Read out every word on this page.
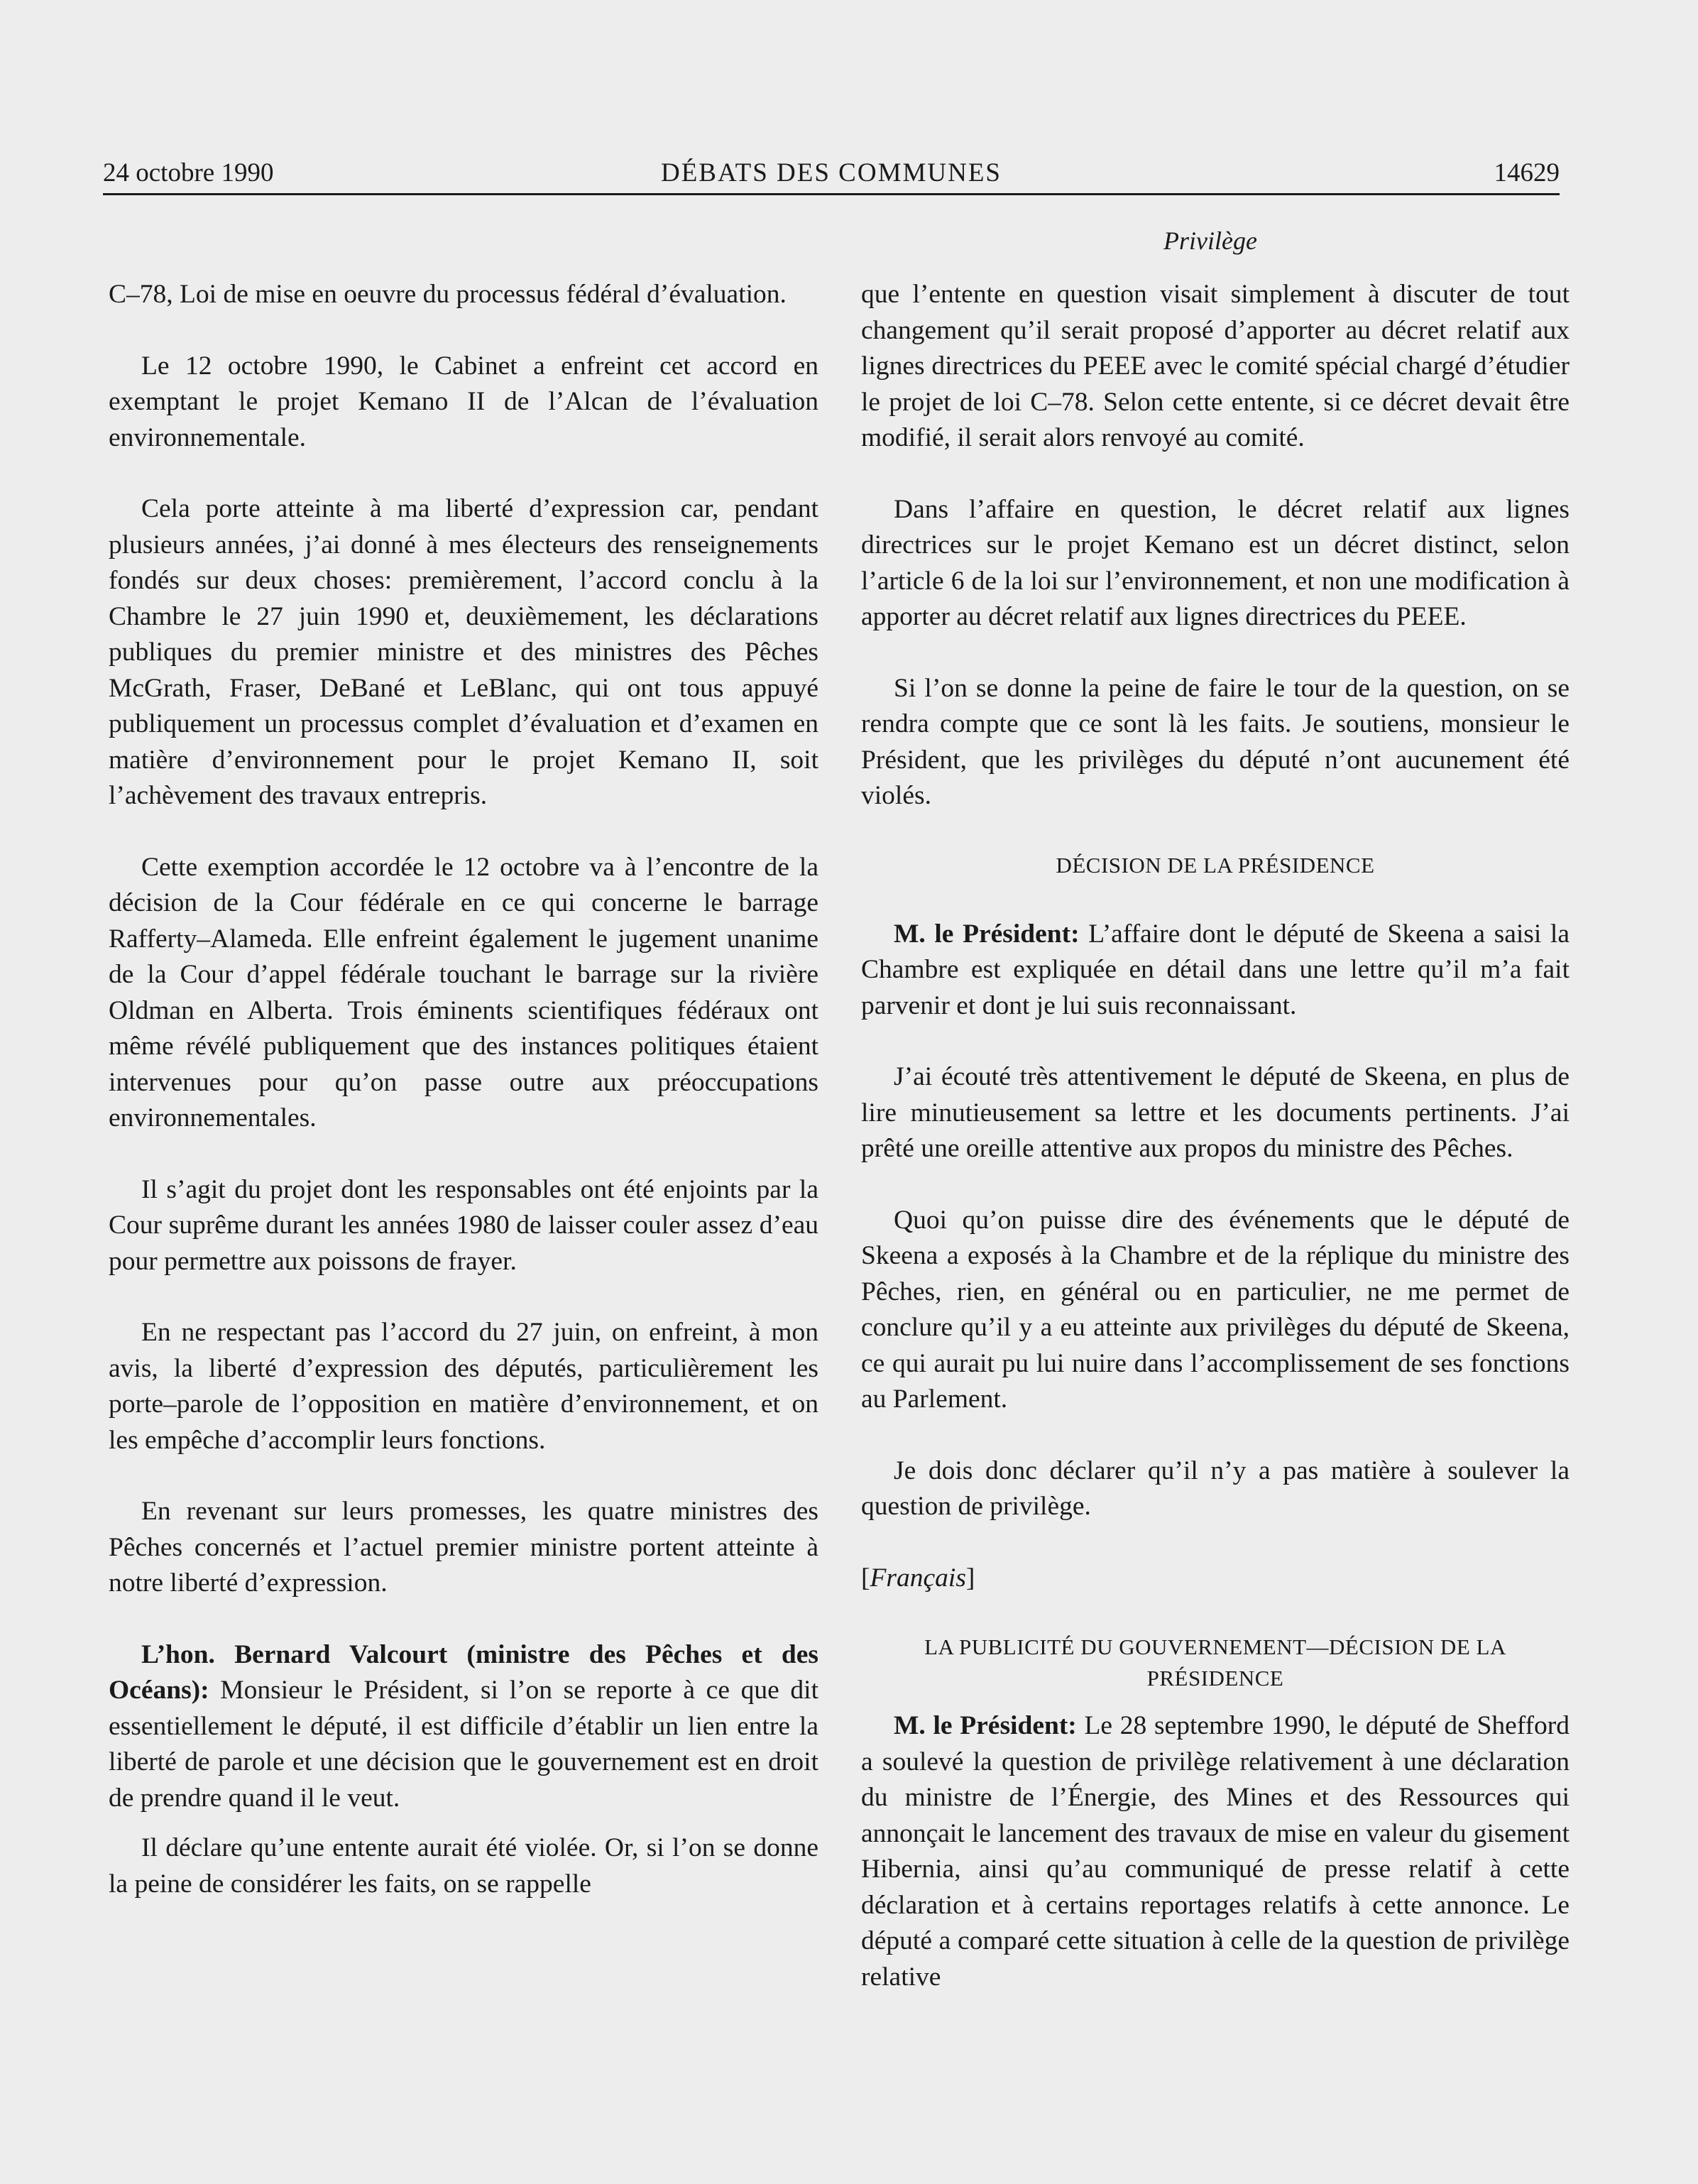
24 octobre 1990	DÉBATS DES COMMUNES	14629
Privilège

C–78, Loi de mise en oeuvre du processus fédéral d’évaluation.

Le 12 octobre 1990, le Cabinet a enfreint cet accord en exemptant le projet Kemano II de l’Alcan de l’évaluation environnementale.

Cela porte atteinte à ma liberté d’expression car, pendant plusieurs années, j’ai donné à mes électeurs des renseignements fondés sur deux choses: premièrement, l’accord conclu à la Chambre le 27 juin 1990 et, deuxièmement, les déclarations publiques du premier ministre et des ministres des Pêches McGrath, Fraser, DeBané et LeBlanc, qui ont tous appuyé publiquement un processus complet d’évaluation et d’examen en matière d’environnement pour le projet Kemano II, soit l’achèvement des travaux entrepris.

Cette exemption accordée le 12 octobre va à l’encontre de la décision de la Cour fédérale en ce qui concerne le barrage Rafferty–Alameda. Elle enfreint également le jugement unanime de la Cour d’appel fédérale touchant le barrage sur la rivière Oldman en Alberta. Trois éminents scientifiques fédéraux ont même révélé publiquement que des instances politiques étaient intervenues pour qu’on passe outre aux préoccupations environnementales.

Il s’agit du projet dont les responsables ont été enjoints par la Cour suprême durant les années 1980 de laisser couler assez d’eau pour permettre aux poissons de frayer.

En ne respectant pas l’accord du 27 juin, on enfreint, à mon avis, la liberté d’expression des députés, particulièrement les porte–parole de l’opposition en matière d’environnement, et on les empêche d’accomplir leurs fonctions.

En revenant sur leurs promesses, les quatre ministres des Pêches concernés et l’actuel premier ministre portent atteinte à notre liberté d’expression.

L’hon. Bernard Valcourt (ministre des Pêches et des Océans): Monsieur le Président, si l’on se reporte à ce que dit essentiellement le député, il est difficile d’établir un lien entre la liberté de parole et une décision que le gouvernement est en droit de prendre quand il le veut.

Il déclare qu’une entente aurait été violée. Or, si l’on se donne la peine de considérer les faits, on se rappelle

que l’entente en question visait simplement à discuter de tout changement qu’il serait proposé d’apporter au décret relatif aux lignes directrices du PEEE avec le comité spécial chargé d’étudier le projet de loi C–78. Selon cette entente, si ce décret devait être modifié, il serait alors renvoyé au comité.

Dans l’affaire en question, le décret relatif aux lignes directrices sur le projet Kemano est un décret distinct, selon l’article 6 de la loi sur l’environnement, et non une modification à apporter au décret relatif aux lignes directrices du PEEE.

Si l’on se donne la peine de faire le tour de la question, on se rendra compte que ce sont là les faits. Je soutiens, monsieur le Président, que les privilèges du député n’ont aucunement été violés.

DÉCISION DE LA PRÉSIDENCE

M. le Président: L’affaire dont le député de Skeena a saisi la Chambre est expliquée en détail dans une lettre qu’il m’a fait parvenir et dont je lui suis reconnaissant.

J’ai écouté très attentivement le député de Skeena, en plus de lire minutieusement sa lettre et les documents pertinents. J’ai prêté une oreille attentive aux propos du ministre des Pêches.

Quoi qu’on puisse dire des événements que le député de Skeena a exposés à la Chambre et de la réplique du ministre des Pêches, rien, en général ou en particulier, ne me permet de conclure qu’il y a eu atteinte aux privilèges du député de Skeena, ce qui aurait pu lui nuire dans l’accomplissement de ses fonctions au Parlement.

Je dois donc déclarer qu’il n’y a pas matière à soulever la question de privilège.

[Français]

LA PUBLICITÉ DU GOUVERNEMENT—DÉCISION DE LA PRÉSIDENCE

M. le Président: Le 28 septembre 1990, le député de Shefford a soulevé la question de privilège relativement à une déclaration du ministre de l’Énergie, des Mines et des Ressources qui annonçait le lancement des travaux de mise en valeur du gisement Hibernia, ainsi qu’au communiqué de presse relatif à cette déclaration et à certains reportages relatifs à cette annonce. Le député a comparé cette situation à celle de la question de privilège relative
